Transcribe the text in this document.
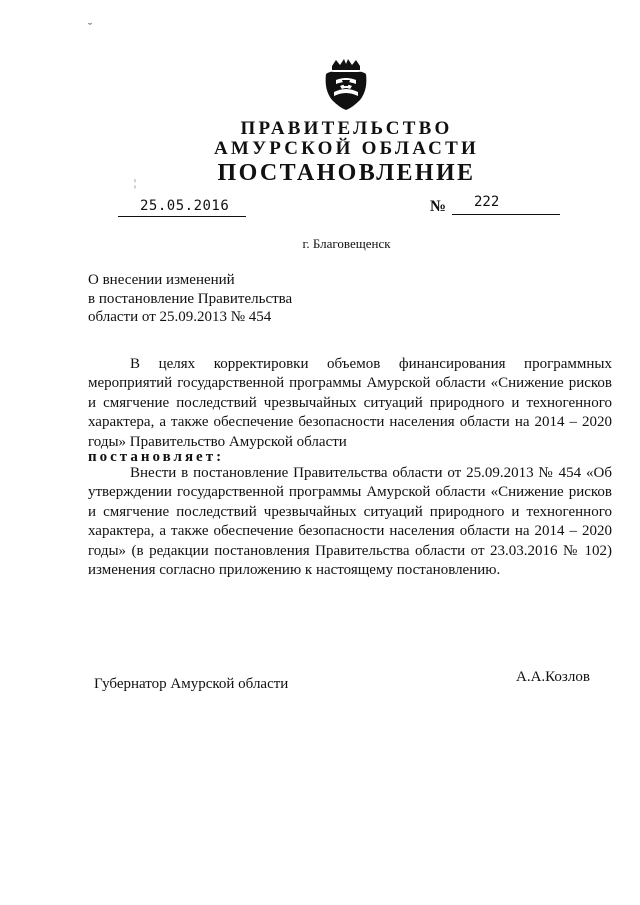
˘
ПРАВИТЕЛЬСТВО
АМУРСКОЙ ОБЛАСТИ
ПОСТАНОВЛЕНИЕ
¦
25.05.2016	№ 222
г. Благовещенск
О внесении изменений
в постановление Правительства
области от 25.09.2013 № 454
В целях корректировки объемов финансирования программных мероприятий государственной программы Амурской области «Снижение рисков и смягчение последствий чрезвычайных ситуаций природного и техногенного характера, а также обеспечение безопасности населения области на 2014 – 2020 годы» Правительство Амурской области
постановляет:
Внести в постановление Правительства области от 25.09.2013 № 454 «Об утверждении государственной программы Амурской области «Снижение рисков и смягчение последствий чрезвычайных ситуаций природного и техногенного характера, а также обеспечение безопасности населения области на 2014 – 2020 годы» (в редакции постановления Правительства области от 23.03.2016 № 102) изменения согласно приложению к настоящему постановлению.
Губернатор Амурской области	А.А.Козлов
